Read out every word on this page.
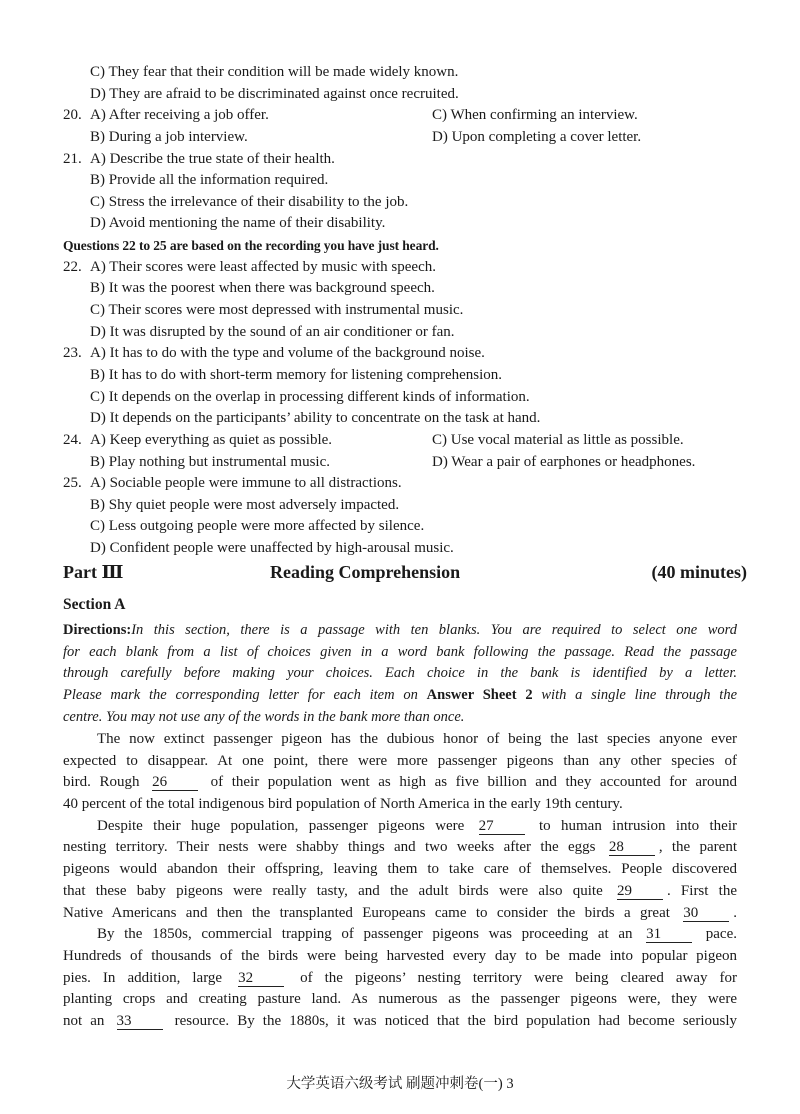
C) They fear that their condition will be made widely known.
D) They are afraid to be discriminated against once recruited.
20. A) After receiving a job offer.	C) When confirming an interview.
B) During a job interview.	D) Upon completing a cover letter.
21. A) Describe the true state of their health.
B) Provide all the information required.
C) Stress the irrelevance of their disability to the job.
D) Avoid mentioning the name of their disability.
Questions 22 to 25 are based on the recording you have just heard.
22. A) Their scores were least affected by music with speech.
B) It was the poorest when there was background speech.
C) Their scores were most depressed with instrumental music.
D) It was disrupted by the sound of an air conditioner or fan.
23. A) It has to do with the type and volume of the background noise.
B) It has to do with short-term memory for listening comprehension.
C) It depends on the overlap in processing different kinds of information.
D) It depends on the participants’ ability to concentrate on the task at hand.
24. A) Keep everything as quiet as possible.	C) Use vocal material as little as possible.
B) Play nothing but instrumental music.	D) Wear a pair of earphones or headphones.
25. A) Sociable people were immune to all distractions.
B) Shy quiet people were most adversely impacted.
C) Less outgoing people were more affected by silence.
D) Confident people were unaffected by high-arousal music.
Part Ⅲ	Reading Comprehension	(40 minutes)
Section A
Directions:In this section, there is a passage with ten blanks. You are required to select one word
for each blank from a list of choices given in a word bank following the passage. Read the passage
through carefully before making your choices. Each choice in the bank is identified by a letter.
Please mark the corresponding letter for each item on Answer Sheet 2 with a single line through the
centre. You may not use any of the words in the bank more than once.
The now extinct passenger pigeon has the dubious honor of being the last species anyone ever
expected to disappear. At one point, there were more passenger pigeons than any other species of
bird. Rough 26 of their population went as high as five billion and they accounted for around
40 percent of the total indigenous bird population of North America in the early 19th century.
Despite their huge population, passenger pigeons were 27 to human intrusion into their
nesting territory. Their nests were shabby things and two weeks after the eggs 28 , the parent
pigeons would abandon their offspring, leaving them to take care of themselves. People discovered
that these baby pigeons were really tasty, and the adult birds were also quite 29 . First the
Native Americans and then the transplanted Europeans came to consider the birds a great 30 .
By the 1850s, commercial trapping of passenger pigeons was proceeding at an 31 pace.
Hundreds of thousands of the birds were being harvested every day to be made into popular pigeon
pies. In addition, large 32 of the pigeons’ nesting territory were being cleared away for
planting crops and creating pasture land. As numerous as the passenger pigeons were, they were
not an 33 resource. By the 1880s, it was noticed that the bird population had become seriously
大学英语六级考试 刷题冲刺卷(一) 3
